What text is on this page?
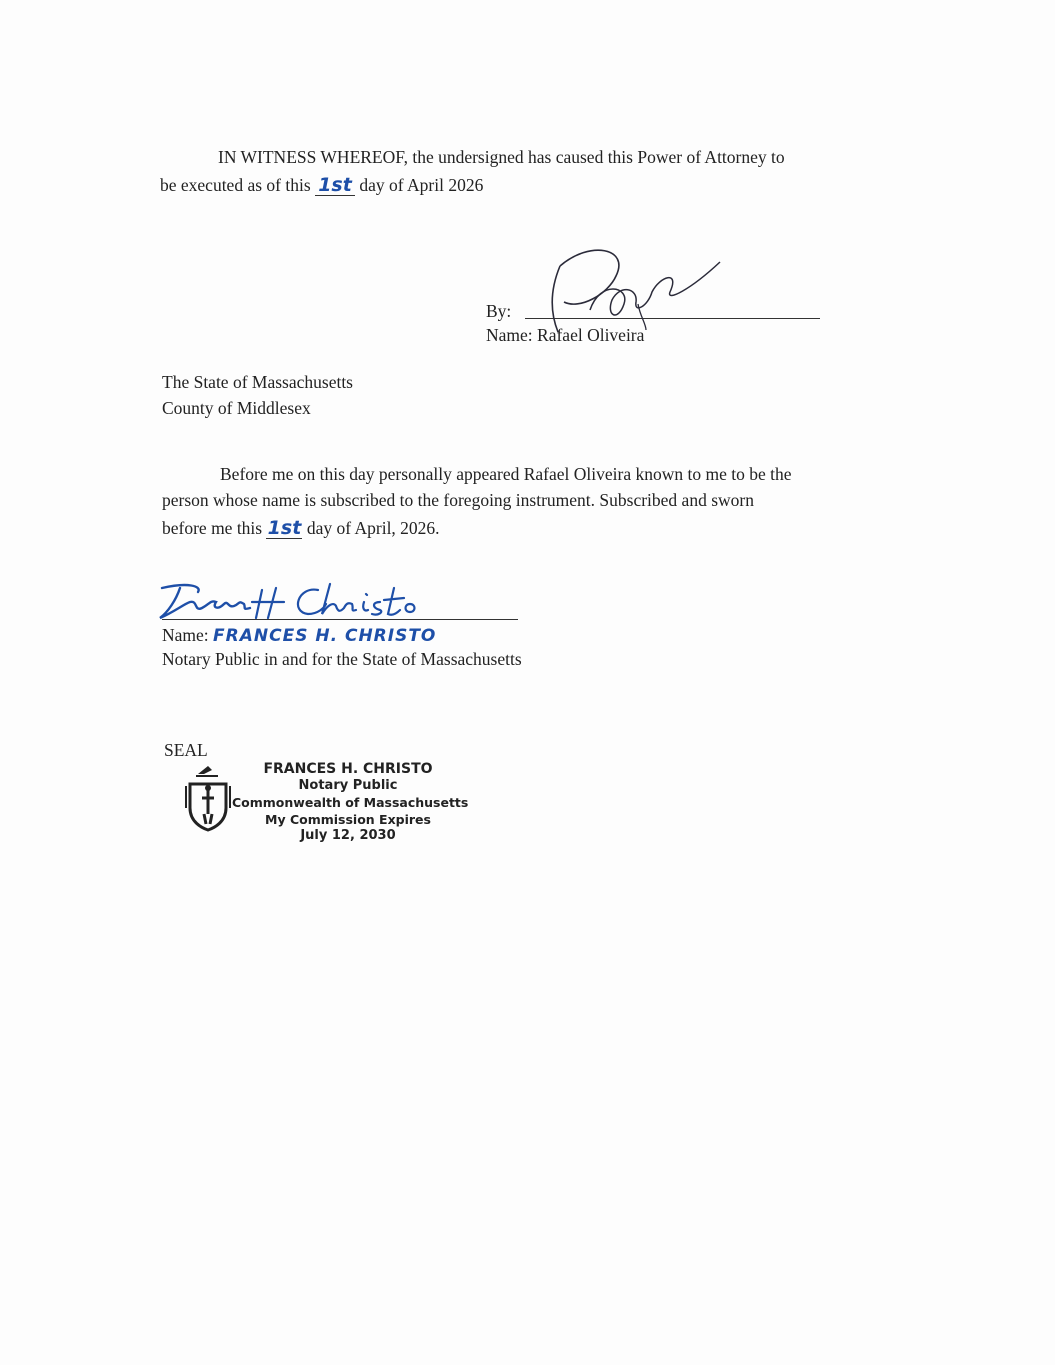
IN WITNESS WHEREOF, the undersigned has caused this Power of Attorney to
be executed as of this 1st day of April 2026
By:
Name: Rafael Oliveira
The State of Massachusetts
County of Middlesex
Before me on this day personally appeared Rafael Oliveira known to me to be the
person whose name is subscribed to the foregoing instrument. Subscribed and sworn
before me this 1st day of April, 2026.
Name: FRANCES H. CHRISTO
Notary Public in and for the State of Massachusetts
SEAL
FRANCES H. CHRISTO
Notary Public
Commonwealth of Massachusetts
My Commission Expires
July 12, 2030
